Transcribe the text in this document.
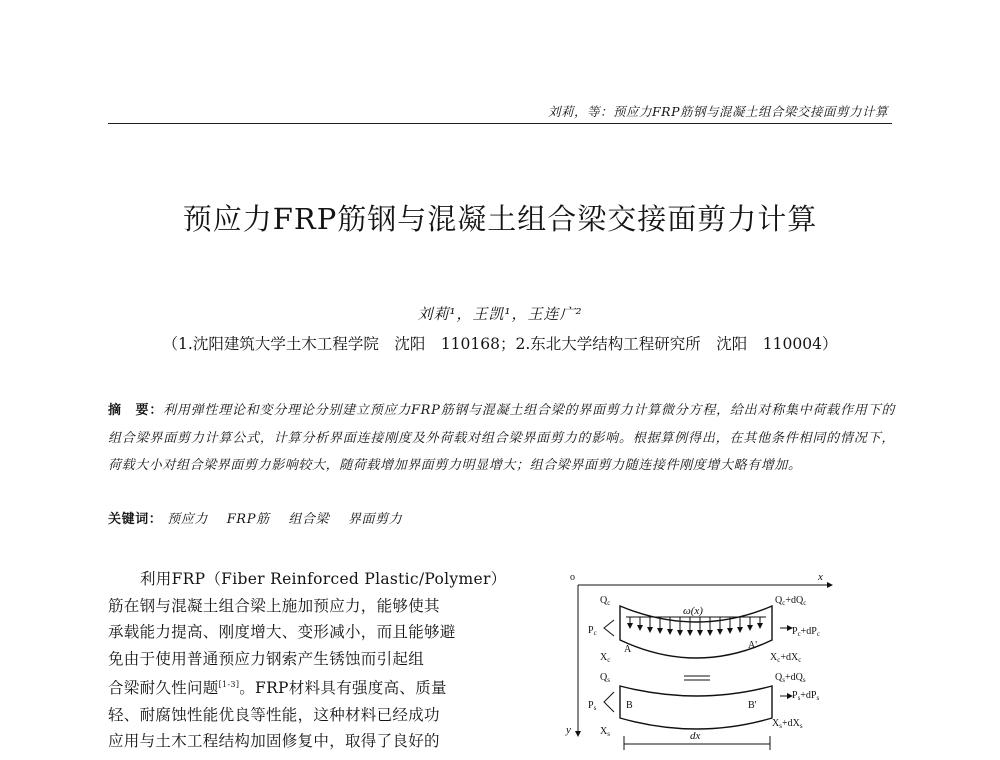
刘莉，等：预应力FRP筋钢与混凝土组合梁交接面剪力计算
预应力FRP筋钢与混凝土组合梁交接面剪力计算
刘莉¹，王凯¹，王连广²
（1.沈阳建筑大学土木工程学院　沈阳　110168；2.东北大学结构工程研究所　沈阳　110004）
摘　要：利用弹性理论和变分理论分别建立预应力FRP筋钢与混凝土组合梁的界面剪力计算微分方程，给出对称集中荷载作用下的组合梁界面剪力计算公式，计算分析界面连接刚度及外荷载对组合梁界面剪力的影响。根据算例得出，在其他条件相同的情况下，荷载大小对组合梁界面剪力影响较大，随荷载增加界面剪力明显增大；组合梁界面剪力随连接件刚度增大略有增加。
关键词： 预应力 FRP筋 组合梁 界面剪力
利用FRP（Fiber Reinforced Plastic/Polymer）
筋在钢与混凝土组合梁上施加预应力，能够使其
承载能力提高、刚度增大、变形减小，而且能够避
免由于使用普通预应力钢索产生锈蚀而引起组
合梁耐久性问题[1-3]。FRP材料具有强度高、质量
轻、耐腐蚀性能优良等性能，这种材料已经成功
应用与土木工程结构加固修复中，取得了良好的
o	x
y
ω(x)
$Q_c$
$P_c$
$X_c$
A	A'
$Q_c+dQ_c$
$P_c+dP_c$
$X_c+dX_c$
$Q_s$
$P_s$
$X_s$
B	B'
$Q_s+dQ_s$
$P_s+dP_s$
$X_s+dX_s$
dx
